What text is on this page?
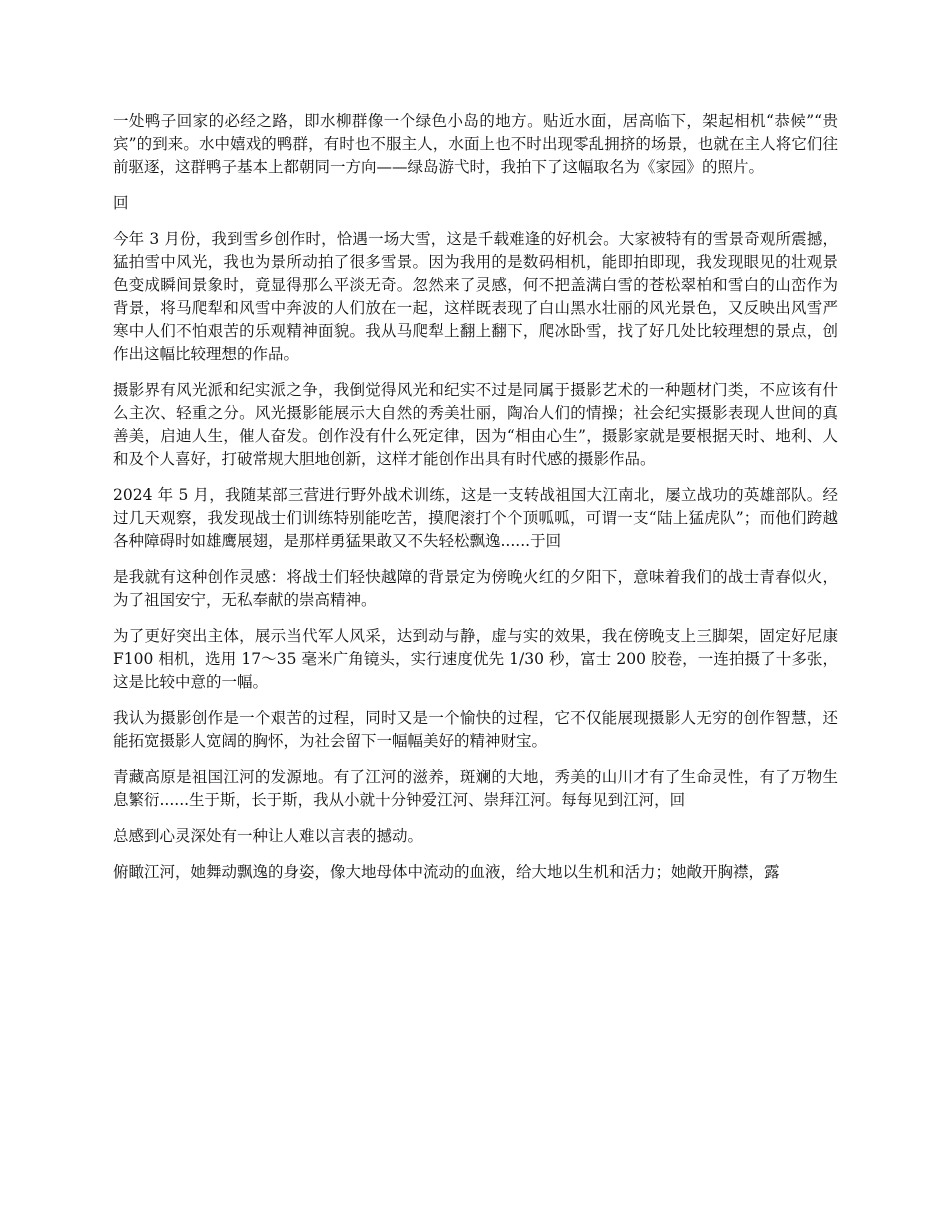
一处鸭子回家的必经之路，即水柳群像一个绿色小岛的地方。贴近水面，居高临下，架起相机“恭候”“贵宾”的到来。水中嬉戏的鸭群，有时也不服主人，水面上也不时出现零乱拥挤的场景，也就在主人将它们往前驱逐，这群鸭子基本上都朝同一方向——绿岛游弋时，我拍下了这幅取名为《家园》的照片。

回

今年 3 月份，我到雪乡创作时，恰遇一场大雪，这是千载难逢的好机会。大家被特有的雪景奇观所震撼，猛拍雪中风光，我也为景所动拍了很多雪景。因为我用的是数码相机，能即拍即现，我发现眼见的壮观景色变成瞬间景象时，竟显得那么平淡无奇。忽然来了灵感，何不把盖满白雪的苍松翠柏和雪白的山峦作为背景，将马爬犁和风雪中奔波的人们放在一起，这样既表现了白山黑水壮丽的风光景色，又反映出风雪严寒中人们不怕艰苦的乐观精神面貌。我从马爬犁上翻上翻下，爬冰卧雪，找了好几处比较理想的景点，创作出这幅比较理想的作品。

摄影界有风光派和纪实派之争，我倒觉得风光和纪实不过是同属于摄影艺术的一种题材门类，不应该有什么主次、轻重之分。风光摄影能展示大自然的秀美壮丽，陶冶人们的情操；社会纪实摄影表现人世间的真善美，启迪人生，催人奋发。创作没有什么死定律，因为“相由心生”，摄影家就是要根据天时、地利、人和及个人喜好，打破常规大胆地创新，这样才能创作出具有时代感的摄影作品。

2024 年 5 月，我随某部三营进行野外战术训练，这是一支转战祖国大江南北，屡立战功的英雄部队。经过几天观察，我发现战士们训练特别能吃苦，摸爬滚打个个顶呱呱，可谓一支“陆上猛虎队”；而他们跨越各种障碍时如雄鹰展翅，是那样勇猛果敢又不失轻松飘逸......于回

是我就有这种创作灵感：将战士们轻快越障的背景定为傍晚火红的夕阳下，意味着我们的战士青春似火，为了祖国安宁，无私奉献的崇高精神。

为了更好突出主体，展示当代军人风采，达到动与静，虚与实的效果，我在傍晚支上三脚架，固定好尼康 F100 相机，选用 17～35 毫米广角镜头，实行速度优先 1/30 秒，富士 200 胶卷，一连拍摄了十多张，这是比较中意的一幅。

我认为摄影创作是一个艰苦的过程，同时又是一个愉快的过程，它不仅能展现摄影人无穷的创作智慧，还能拓宽摄影人宽阔的胸怀，为社会留下一幅幅美好的精神财宝。

青藏高原是祖国江河的发源地。有了江河的滋养，斑斓的大地，秀美的山川才有了生命灵性，有了万物生息繁衍......生于斯，长于斯，我从小就十分钟爱江河、崇拜江河。每每见到江河，回

总感到心灵深处有一种让人难以言表的撼动。

俯瞰江河，她舞动飘逸的身姿，像大地母体中流动的血液，给大地以生机和活力；她敞开胸襟，露
